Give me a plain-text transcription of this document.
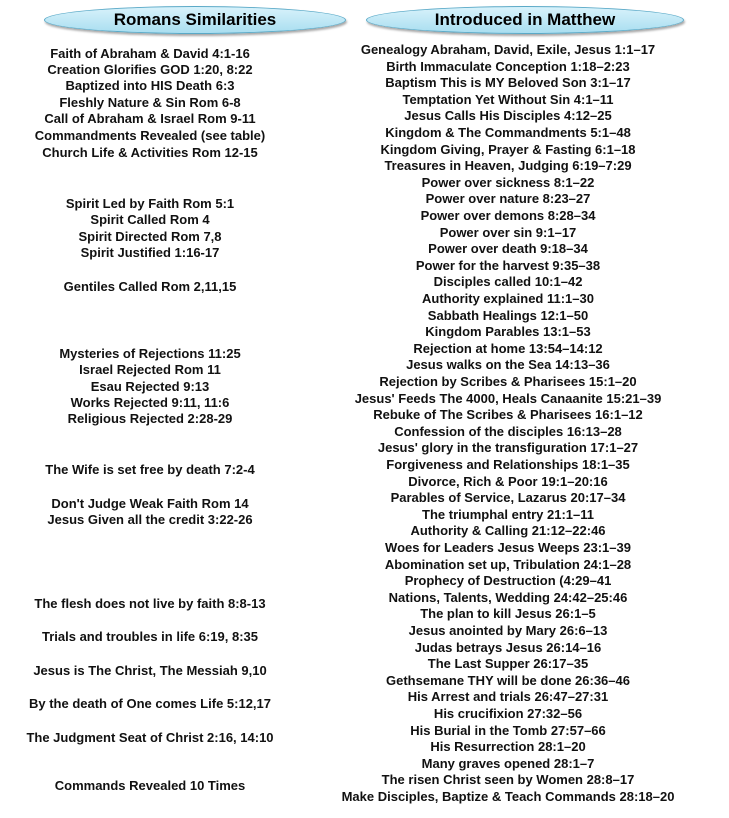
Romans Similarities	Introduced in Matthew
Faith of Abraham & David 4:1-16
Creation Glorifies GOD 1:20, 8:22
Baptized into HIS Death 6:3
Fleshly Nature & Sin Rom 6-8
Call of Abraham & Israel Rom 9-11
Commandments Revealed (see table)
Church Life & Activities Rom 12-15
Spirit Led by Faith Rom 5:1
Spirit Called Rom 4
Spirit Directed Rom 7,8
Spirit Justified 1:16-17
Gentiles Called Rom 2,11,15
Mysteries of Rejections 11:25
Israel Rejected Rom 11
Esau Rejected 9:13
Works Rejected 9:11, 11:6
Religious Rejected 2:28-29
The Wife is set free by death 7:2-4
Don't Judge Weak Faith Rom 14
Jesus Given all the credit 3:22-26
The flesh does not live by faith 8:8-13
Trials and troubles in life 6:19, 8:35
Jesus is The Christ, The Messiah 9,10
By the death of One comes Life 5:12,17
The Judgment Seat of Christ 2:16, 14:10
Commands Revealed 10 Times
Genealogy Abraham, David, Exile, Jesus 1:1–17
Birth Immaculate Conception 1:18–2:23
Baptism This is MY Beloved Son 3:1–17
Temptation Yet Without Sin 4:1–11
Jesus Calls His Disciples 4:12–25
Kingdom & The Commandments 5:1–48
Kingdom Giving, Prayer & Fasting 6:1–18
Treasures in Heaven, Judging 6:19–7:29
Power over sickness 8:1–22
Power over nature 8:23–27
Power over demons 8:28–34
Power over sin 9:1–17
Power over death 9:18–34
Power for the harvest 9:35–38
Disciples called 10:1–42
Authority explained 11:1–30
Sabbath Healings 12:1–50
Kingdom Parables 13:1–53
Rejection at home 13:54–14:12
Jesus walks on the Sea 14:13–36
Rejection by Scribes & Pharisees 15:1–20
Jesus' Feeds The 4000, Heals Canaanite 15:21–39
Rebuke of The Scribes & Pharisees 16:1–12
Confession of the disciples 16:13–28
Jesus' glory in the transfiguration 17:1–27
Forgiveness and Relationships 18:1–35
Divorce, Rich & Poor 19:1–20:16
Parables of Service, Lazarus 20:17–34
The triumphal entry 21:1–11
Authority & Calling 21:12–22:46
Woes for Leaders Jesus Weeps 23:1–39
Abomination set up, Tribulation 24:1–28
Prophecy of Destruction (4:29–41
Nations, Talents, Wedding 24:42–25:46
The plan to kill Jesus 26:1–5
Jesus anointed by Mary 26:6–13
Judas betrays Jesus 26:14–16
The Last Supper 26:17–35
Gethsemane THY will be done 26:36–46
His Arrest and trials 26:47–27:31
His crucifixion 27:32–56
His Burial in the Tomb 27:57–66
His Resurrection 28:1–20
Many graves opened 28:1–7
The risen Christ seen by Women 28:8–17
Make Disciples, Baptize & Teach Commands 28:18–20
